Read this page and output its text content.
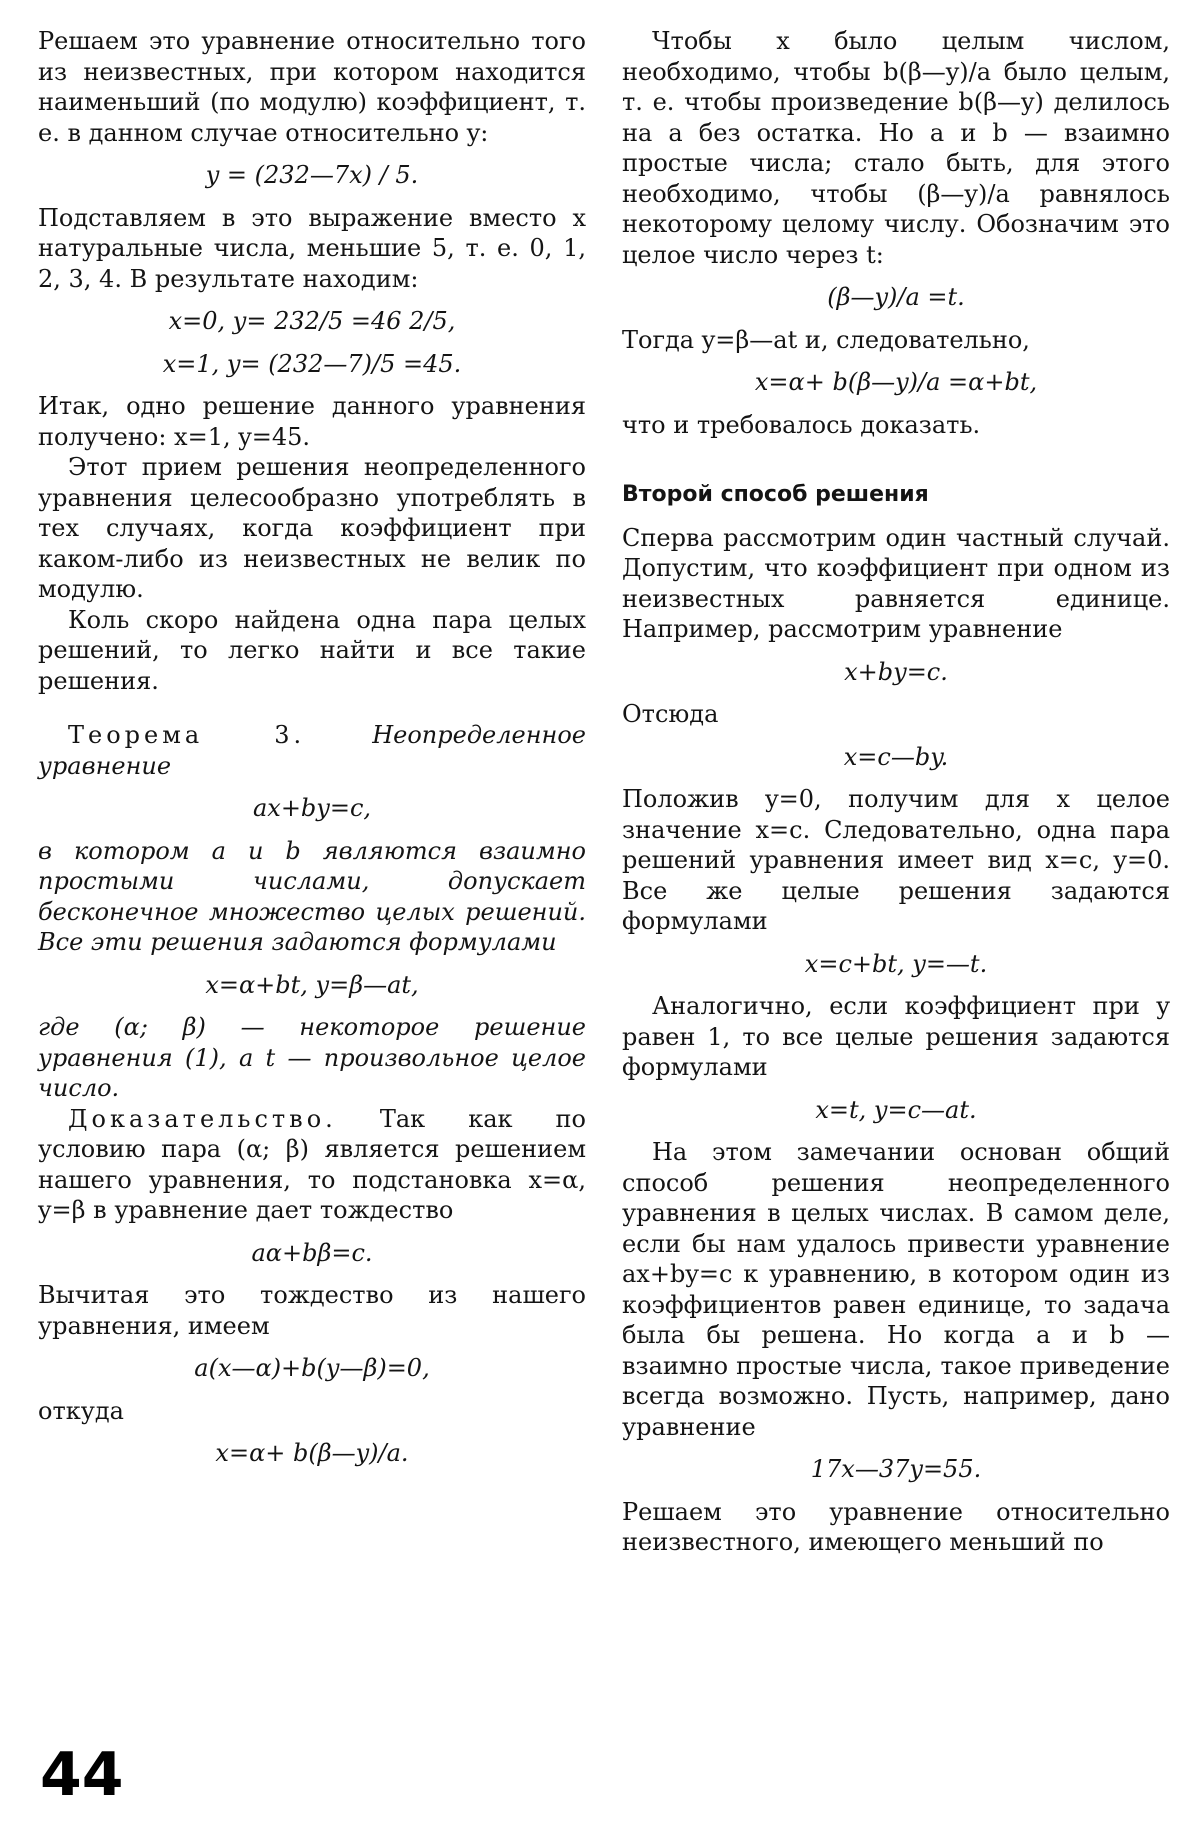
Решаем это уравнение относительно того из неизвестных, при котором находится наименьший (по модулю) коэффициент, т. е. в данном случае относительно y:

y = (232—7x) / 5.

Подставляем в это выражение вместо x натуральные числа, меньшие 5, т. е. 0, 1, 2, 3, 4. В результате находим:

x=0, y= 232/5 =46 2/5,

x=1, y= (232—7)/5 =45.

Итак, одно решение данного уравнения получено: x=1, y=45.

Этот прием решения неопределенного уравнения целесообразно употреблять в тех случаях, когда коэффициент при каком-либо из неизвестных не велик по модулю.

Коль скоро найдена одна пара целых решений, то легко найти и все такие решения.

Теорема 3.	Неопределенное уравнение

ax+by=c,

в котором a и b являются взаимно простыми числами, допускает бесконечное множество целых решений. Все эти решения задаются формулами

x=α+bt, y=β—at,

где (α; β) — некоторое решение уравнения (1), а t — произвольное целое число.

Доказательство. Так как по условию пара (α; β) является решением нашего уравнения, то подстановка x=α, y=β в уравнение дает тождество

aα+bβ=c.

Вычитая это тождество из нашего уравнения, имеем

a(x—α)+b(y—β)=0,

откуда

x=α+ b(β—y)/a.

Чтобы x было целым числом, необходимо, чтобы b(β—y)/a было целым, т. е. чтобы произведение b(β—y) делилось на a без остатка. Но a и b — взаимно простые числа; стало быть, для этого необходимо, чтобы (β—y)/a равнялось некоторому целому числу. Обозначим это целое число через t:

(β—y)/a =t.

Тогда y=β—at и, следовательно,

x=α+ b(β—y)/a =α+bt,

что и требовалось доказать.

Второй способ решения

Сперва рассмотрим один частный случай. Допустим, что коэффициент при одном из неизвестных равняется единице. Например, рассмотрим уравнение

x+by=c.

Отсюда

x=c—by.

Положив y=0, получим для x целое значение x=c. Следовательно, одна пара решений уравнения имеет вид x=c, y=0. Все же целые решения задаются формулами

x=c+bt, y=—t.

Аналогично, если коэффициент при y равен 1, то все целые решения задаются формулами

x=t, y=c—at.

На этом замечании основан общий способ решения неопределенного уравнения в целых числах. В самом деле, если бы нам удалось привести уравнение ax+by=c к уравнению, в котором один из коэффициентов равен единице, то задача была бы решена. Но когда a и b — взаимно простые числа, такое приведение всегда возможно. Пусть, например, дано уравнение

17x—37y=55.

Решаем это уравнение относительно неизвестного, имеющего меньший по

44
